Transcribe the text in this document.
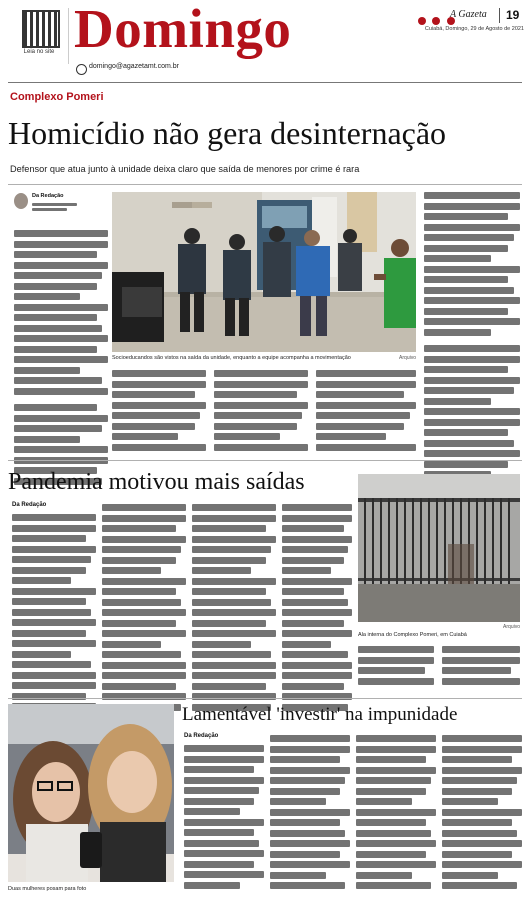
Leia no site Domingo
domingo@agazetamt.com.br

A Gazeta 19
Cuiabá, Domingo, 29 de Agosto de 2021
Complexo Pomeri
Homicídio não gera desinternação
Defensor que atua junto à unidade deixa claro que saída de menores por crime é rara
Da Redação
Socioeducandos são vistos na saída da unidade, enquanto a equipe acompanha a movimentação	Arquivo
Pandemia motivou mais saídas
Da Redação
Arquivo
Ala interna do Complexo Pomeri, em Cuiabá
Duas mulheres posam para foto
Lamentável 'investir' na impunidade
Da Redação
